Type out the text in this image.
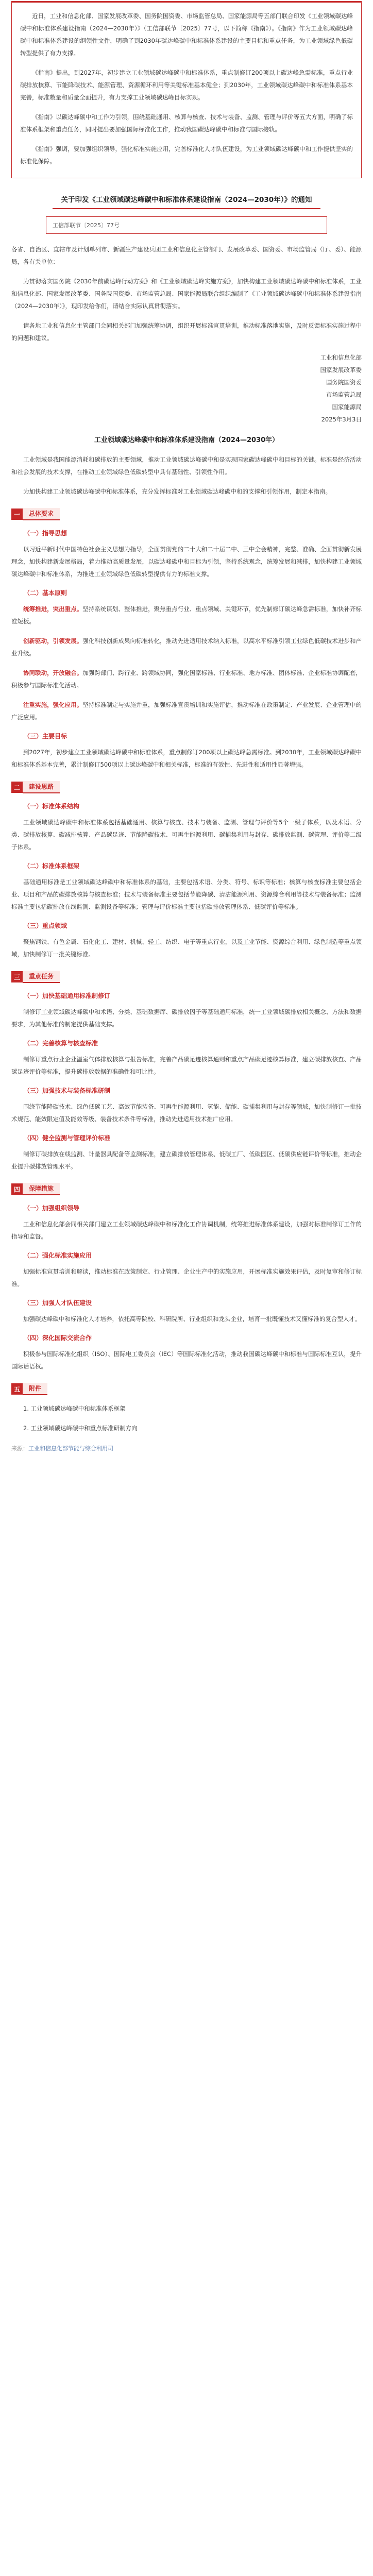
近日，工业和信息化部、国家发展改革委、国务院国资委、市场监管总局、国家能源局等五部门联合印发《工业领域碳达峰碳中和标准体系建设指南（2024—2030年）》（工信部联节〔2025〕77号，以下简称《指南》）。《指南》作为工业领域碳达峰碳中和标准体系建设的纲领性文件，明确了到2030年碳达峰碳中和标准体系建设的主要目标和重点任务，为工业领域绿色低碳转型提供了有力支撑。

《指南》提出，到2027年，初步建立工业领域碳达峰碳中和标准体系，重点制修订200项以上碳达峰急需标准，重点行业碳排放核算、节能降碳技术、能源管理、资源循环利用等关键标准基本健全；到2030年，工业领域碳达峰碳中和标准体系基本完善，标准数量和质量全面提升，有力支撑工业领域碳达峰目标实现。

《指南》以碳达峰碳中和工作为引领，围绕基础通用、核算与核查、技术与装备、监测、管理与评价等五大方面，明确了标准体系框架和重点任务，同时提出要加强国际标准化工作，推动我国碳达峰碳中和标准与国际接轨。

《指南》强调，要加强组织领导，强化标准实施应用，完善标准化人才队伍建设，为工业领域碳达峰碳中和工作提供坚实的标准化保障。

关于印发《工业领域碳达峰碳中和标准体系建设指南（2024—2030年）》的通知
工信部联节〔2025〕77号

各省、自治区、直辖市及计划单列市、新疆生产建设兵团工业和信息化主管部门、发展改革委、国资委、市场监管局（厅、委）、能源局，各有关单位：

为贯彻落实国务院《2030年前碳达峰行动方案》和《工业领域碳达峰实施方案》，加快构建工业领域碳达峰碳中和标准体系，工业和信息化部、国家发展改革委、国务院国资委、市场监管总局、国家能源局联合组织编制了《工业领域碳达峰碳中和标准体系建设指南（2024—2030年）》，现印发给你们，请结合实际认真贯彻落实。

请各地工业和信息化主管部门会同相关部门加强统筹协调，组织开展标准宣贯培训，推动标准落地实施，及时反馈标准实施过程中的问题和建议。

工业和信息化部
国家发展改革委
国务院国资委
市场监管总局
国家能源局
2025年3月3日
工业领域碳达峰碳中和标准体系建设指南（2024—2030年）

工业领域是我国能源消耗和碳排放的主要领域，推动工业领域碳达峰碳中和是实现国家碳达峰碳中和目标的关键。标准是经济活动和社会发展的技术支撑，在推动工业领域绿色低碳转型中具有基础性、引领性作用。

为加快构建工业领域碳达峰碳中和标准体系，充分发挥标准对工业领域碳达峰碳中和的支撑和引领作用，制定本指南。

一	总体要求
（一）指导思想

以习近平新时代中国特色社会主义思想为指导，全面贯彻党的二十大和二十届二中、三中全会精神，完整、准确、全面贯彻新发展理念，加快构建新发展格局，着力推动高质量发展，以碳达峰碳中和目标为引领，坚持系统观念，统筹发展和减排，加快构建工业领域碳达峰碳中和标准体系，为推进工业领域绿色低碳转型提供有力的标准支撑。

（二）基本原则

统筹推进，突出重点。坚持系统谋划、整体推进，聚焦重点行业、重点领域、关键环节，优先制修订碳达峰急需标准，加快补齐标准短板。

创新驱动，引领发展。强化科技创新成果向标准转化，推动先进适用技术纳入标准，以高水平标准引领工业绿色低碳技术进步和产业升级。

协同联动，开放融合。加强跨部门、跨行业、跨领域协同，强化国家标准、行业标准、地方标准、团体标准、企业标准协调配套，积极参与国际标准化活动。

注重实施，强化应用。坚持标准制定与实施并重，加强标准宣贯培训和实施评估，推动标准在政策制定、产业发展、企业管理中的广泛应用。

（三）主要目标

到2027年，初步建立工业领域碳达峰碳中和标准体系，重点制修订200项以上碳达峰急需标准。到2030年，工业领域碳达峰碳中和标准体系基本完善，累计制修订500项以上碳达峰碳中和相关标准，标准的有效性、先进性和适用性显著增强。

二	建设思路
（一）标准体系结构

工业领域碳达峰碳中和标准体系包括基础通用、核算与核查、技术与装备、监测、管理与评价等5个一级子体系，以及术语、分类、碳排放核算、碳减排核算、产品碳足迹、节能降碳技术、可再生能源利用、碳捕集利用与封存、碳排放监测、碳管理、评价等二级子体系。

（二）标准体系框架

基础通用标准是工业领域碳达峰碳中和标准体系的基础，主要包括术语、分类、符号、标识等标准；核算与核查标准主要包括企业、项目和产品的碳排放核算与核查标准；技术与装备标准主要包括节能降碳、清洁能源利用、资源综合利用等技术与装备标准；监测标准主要包括碳排放在线监测、监测设备等标准；管理与评价标准主要包括碳排放管理体系、低碳评价等标准。

（三）重点领域

聚焦钢铁、有色金属、石化化工、建材、机械、轻工、纺织、电子等重点行业，以及工业节能、资源综合利用、绿色制造等重点领域，加快制修订一批关键标准。

三	重点任务
（一）加快基础通用标准制修订

制修订工业领域碳达峰碳中和术语、分类、基础数据库、碳排放因子等基础通用标准，统一工业领域碳排放相关概念、方法和数据要求，为其他标准的制定提供基础支撑。

（二）完善核算与核查标准

制修订重点行业企业温室气体排放核算与报告标准，完善产品碳足迹核算通则和重点产品碳足迹核算标准，建立碳排放核查、产品碳足迹评价等标准，提升碳排放数据的准确性和可比性。

（三）加强技术与装备标准研制

围绕节能降碳技术、绿色低碳工艺、高效节能装备、可再生能源利用、氢能、储能、碳捕集利用与封存等领域，加快制修订一批技术规范、能效限定值及能效等级、装备技术条件等标准，推动先进适用技术推广应用。

（四）健全监测与管理评价标准

制修订碳排放在线监测、计量器具配备等监测标准，建立碳排放管理体系、低碳工厂、低碳园区、低碳供应链评价等标准，推动企业提升碳排放管理水平。

四	保障措施
（一）加强组织领导

工业和信息化部会同相关部门建立工业领域碳达峰碳中和标准化工作协调机制，统筹推进标准体系建设，加强对标准制修订工作的指导和监督。

（二）强化标准实施应用

加强标准宣贯培训和解读，推动标准在政策制定、行业管理、企业生产中的实施应用，开展标准实施效果评估，及时复审和修订标准。

（三）加强人才队伍建设

加强碳达峰碳中和标准化人才培养，依托高等院校、科研院所、行业组织和龙头企业，培育一批既懂技术又懂标准的复合型人才。

（四）深化国际交流合作

积极参与国际标准化组织（ISO）、国际电工委员会（IEC）等国际标准化活动，推动我国碳达峰碳中和标准与国际标准互认，提升国际话语权。

五	附件

1. 工业领域碳达峰碳中和标准体系框架

2. 工业领域碳达峰碳中和重点标准研制方向

来源：工业和信息化部节能与综合利用司
